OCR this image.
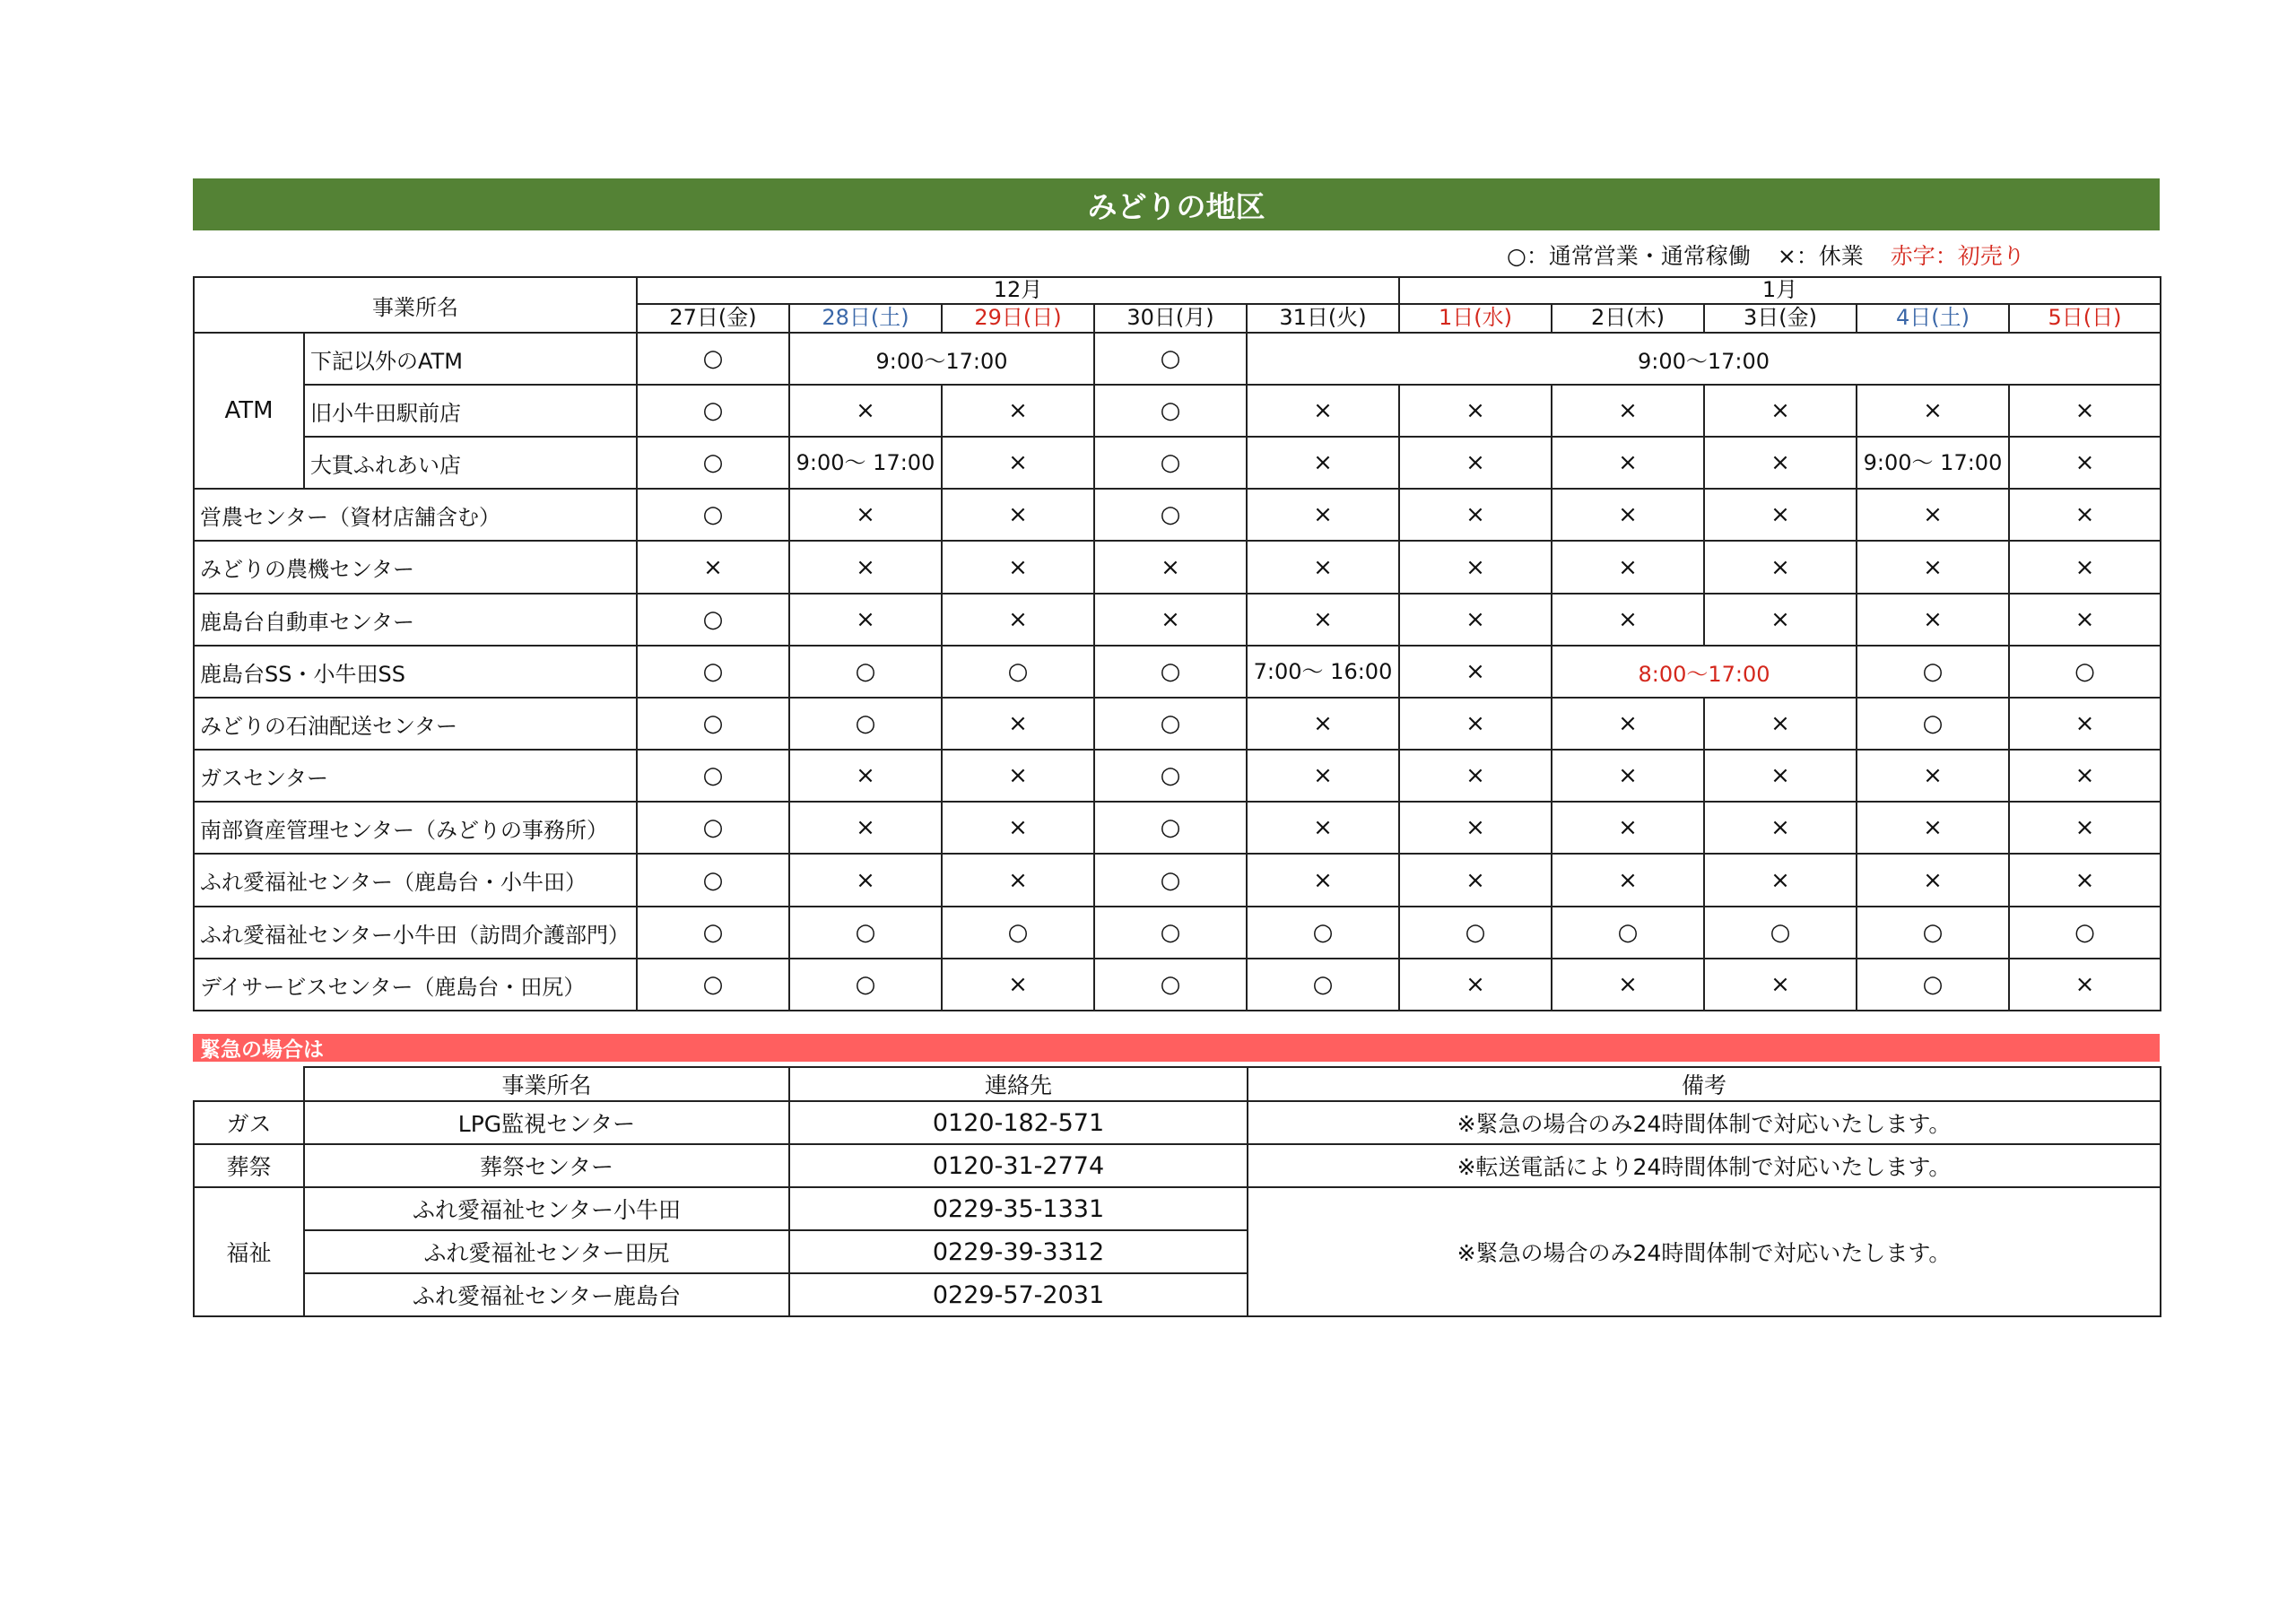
みどりの地区
○：通常営業・通常稼働 ×：休業 赤字：初売り
事業所名		12月					1月				
		27日(金)	28日(土)	29日(日)	30日(月)	31日(火)	1日(水)	2日(木)	3日(金)	4日(土)	5日(日)
ATM	下記以外のATM	○	9:00～17:00		○	9:00～17:00					
	旧小牛田駅前店	○	×	×	○	×	×	×	×	×	×
	大貫ふれあい店	○	9:00～ 17:00	×	○	×	×	×	×	9:00～ 17:00	×
営農センター（資材店舗含む）		○	×	×	○	×	×	×	×	×	×
みどりの農機センター		×	×	×	×	×	×	×	×	×	×
鹿島台自動車センター		○	×	×	×	×	×	×	×	×	×
鹿島台SS・小牛田SS		○	○	○	○	7:00～ 16:00	×	8:00～17:00		○	○
みどりの石油配送センター		○	○	×	○	×	×	×	×	○	×
ガスセンター		○	×	×	○	×	×	×	×	×	×
南部資産管理センター（みどりの事務所）		○	×	×	○	×	×	×	×	×	×
ふれ愛福祉センター（鹿島台・小牛田）		○	×	×	○	×	×	×	×	×	×
ふれ愛福祉センター小牛田（訪問介護部門）		○	○	○	○	○	○	○	○	○	○
デイサービスセンター（鹿島台・田尻）		○	○	×	○	○	×	×	×	○	×
緊急の場合は
	事業所名	連絡先	備考
ガス	LPG監視センター	0120-182-571	※緊急の場合のみ24時間体制で対応いたします。
葬祭	葬祭センター	0120-31-2774	※転送電話により24時間体制で対応いたします。
福祉	ふれ愛福祉センター小牛田	0229-35-1331	※緊急の場合のみ24時間体制で対応いたします。
	ふれ愛福祉センター田尻	0229-39-3312	
	ふれ愛福祉センター鹿島台	0229-57-2031	
